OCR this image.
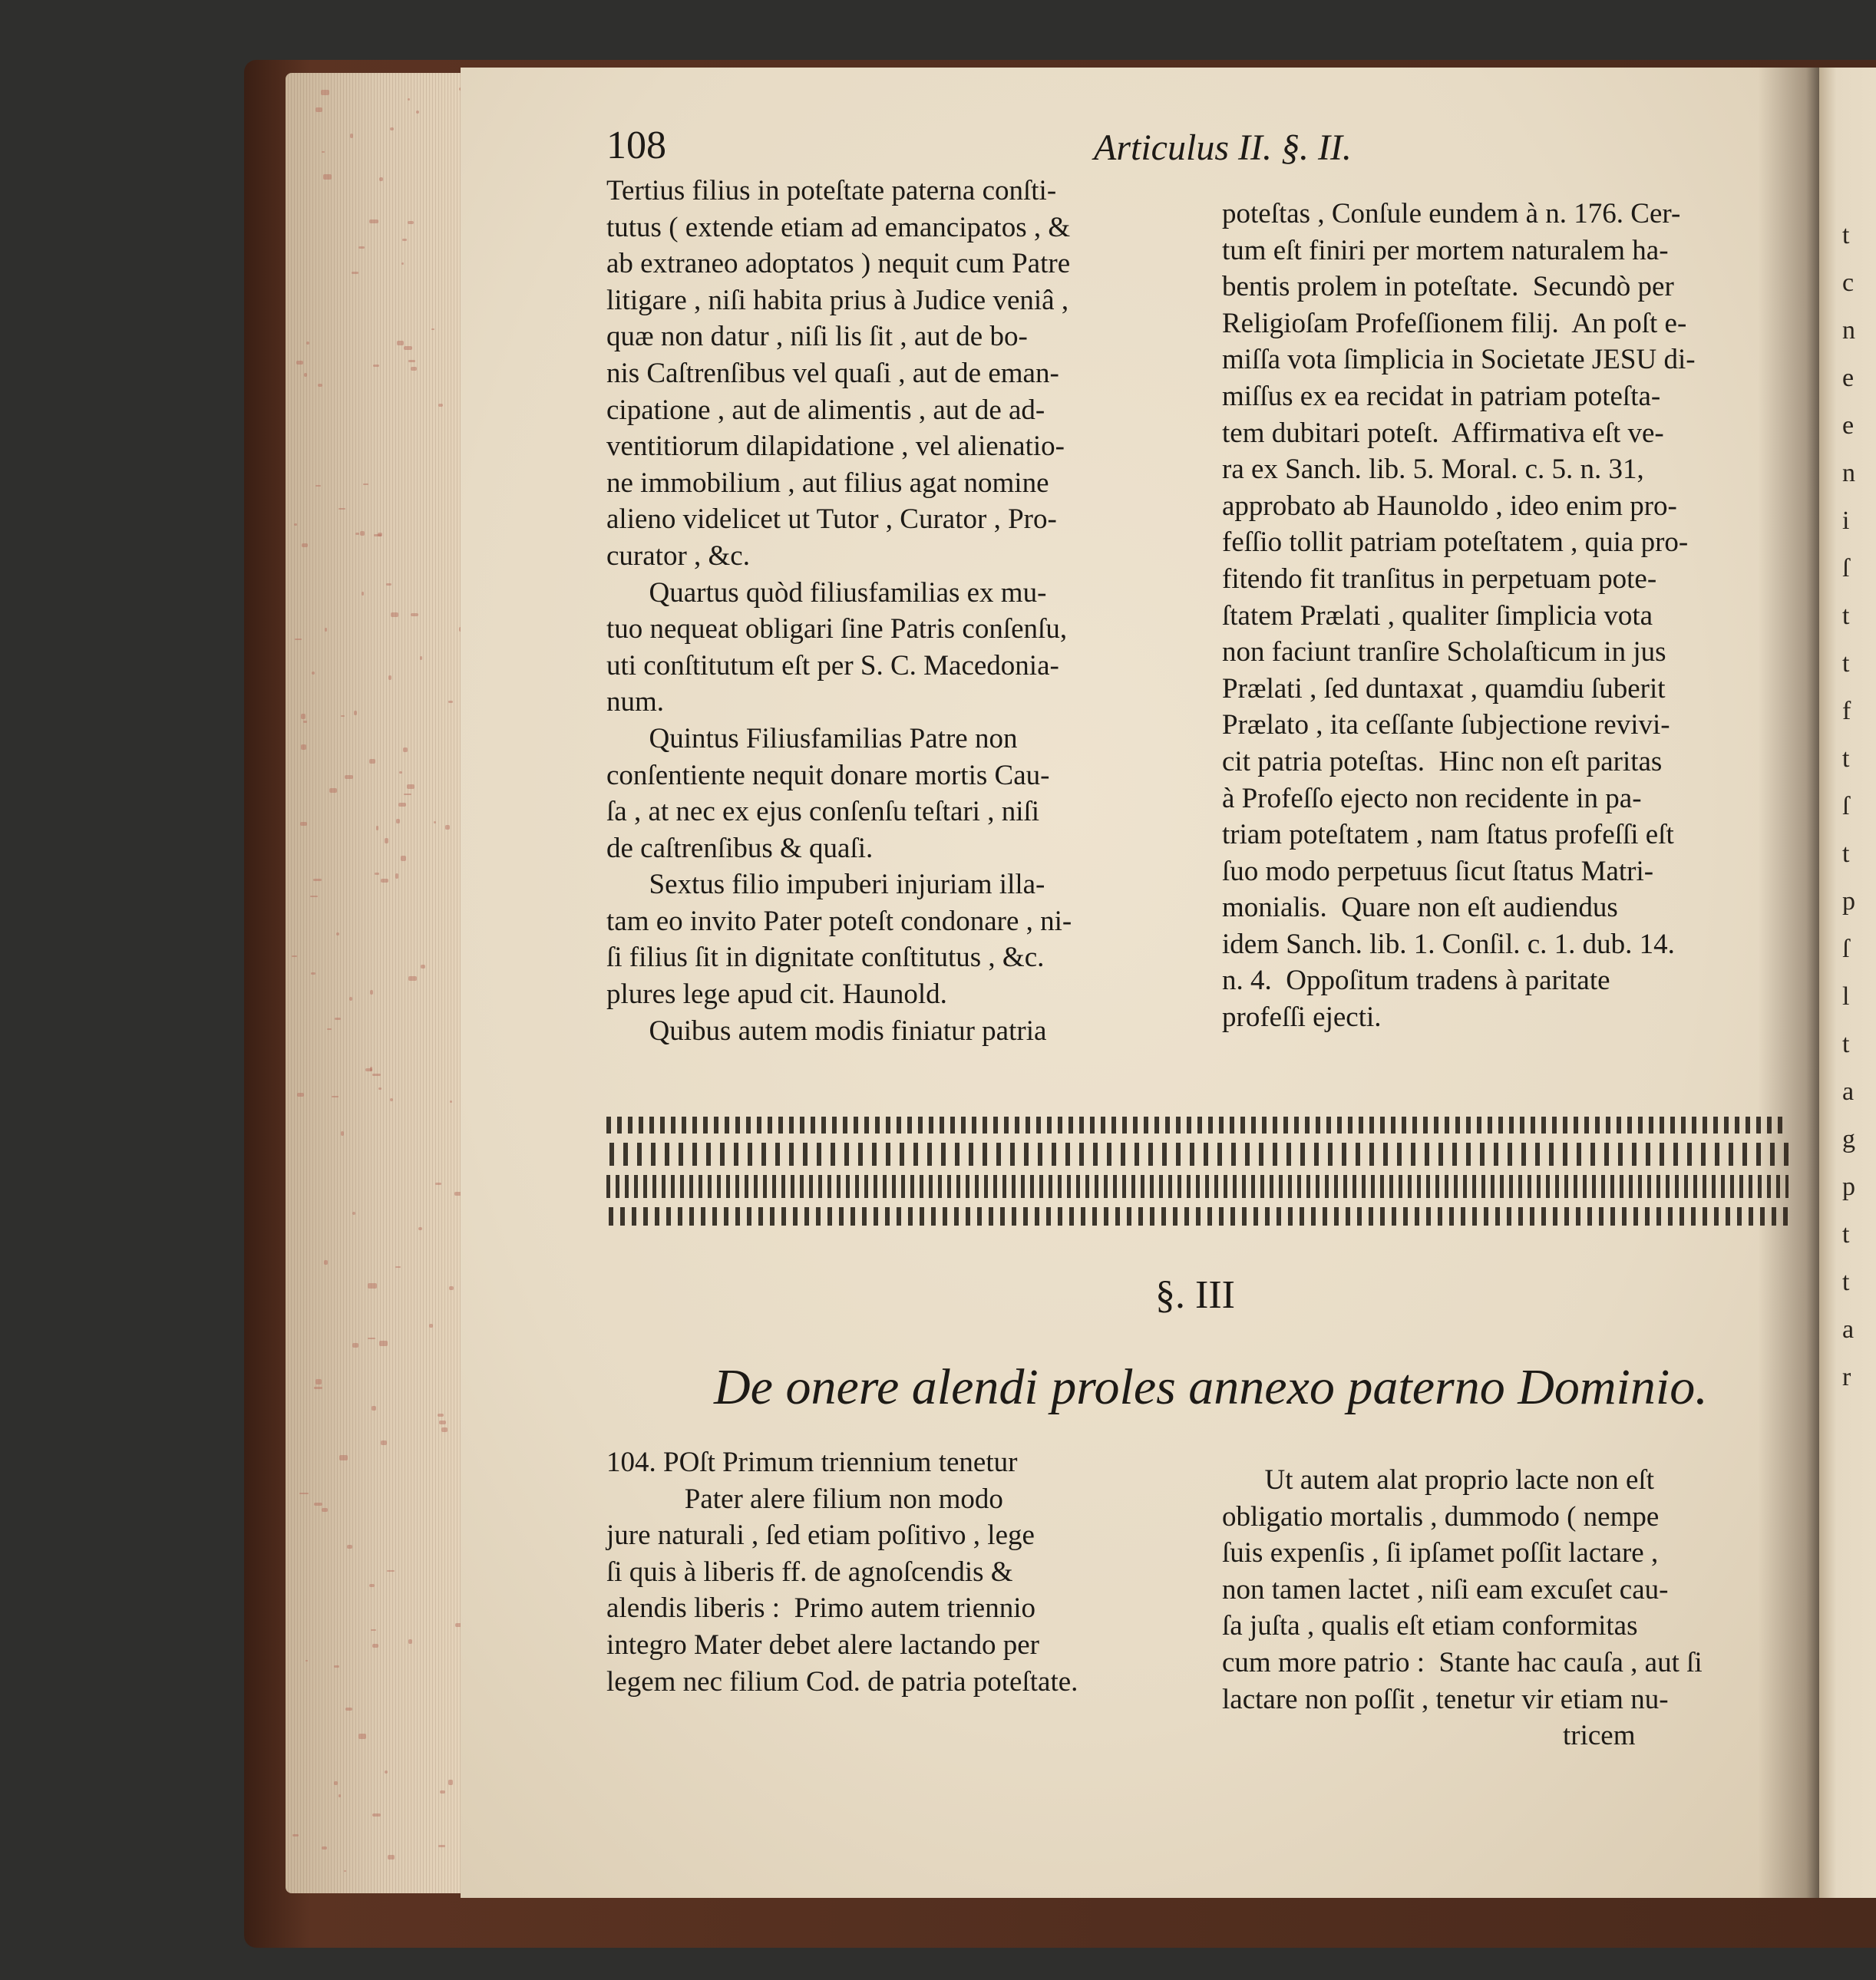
108	Articulus II. §. II.
Tertius filius in poteſtate paterna conſti-
tutus ( extende etiam ad emancipatos , &
ab extraneo adoptatos ) nequit cum Patre
litigare , niſi habita prius à Judice veniâ ,
quæ non datur , niſi lis ſit , aut de bo-
nis Caſtrenſibus vel quaſi , aut de eman-
cipatione , aut de alimentis , aut de ad-
ventitiorum dilapidatione , vel alienatio-
ne immobilium , aut filius agat nomine
alieno videlicet ut Tutor , Curator , Pro-
curator , &c.
Quartus quòd filiusfamilias ex mu-
tuo nequeat obligari ſine Patris conſenſu,
uti conſtitutum eſt per S. C. Macedonia-
num.
Quintus Filiusfamilias Patre non
conſentiente nequit donare mortis Cau-
ſa , at nec ex ejus conſenſu teſtari , niſi
de caſtrenſibus & quaſi.
Sextus filio impuberi injuriam illa-
tam eo invito Pater poteſt condonare , ni-
ſi filius ſit in dignitate conſtitutus , &c.
plures lege apud cit. Haunold.
Quibus autem modis finiatur patria
poteſtas , Conſule eundem à n. 176. Cer-
tum eſt finiri per mortem naturalem ha-
bentis prolem in poteſtate.  Secundò per
Religioſam Profeſſionem filij.  An poſt e-
miſſa vota ſimplicia in Societate JESU di-
miſſus ex ea recidat in patriam poteſta-
tem dubitari poteſt.  Affirmativa eſt ve-
ra ex Sanch. lib. 5. Moral. c. 5. n. 31,
approbato ab Haunoldo , ideo enim pro-
feſſio tollit patriam poteſtatem , quia pro-
fitendo fit tranſitus in perpetuam pote-
ſtatem Prælati , qualiter ſimplicia vota
non faciunt tranſire Scholaſticum in jus
Prælati , ſed duntaxat , quamdiu ſuberit
Prælato , ita ceſſante ſubjectione revivi-
cit patria poteſtas.  Hinc non eſt paritas
à Profeſſo ejecto non recidente in pa-
triam poteſtatem , nam ſtatus profeſſi eſt
ſuo modo perpetuus ſicut ſtatus Matri-
monialis.  Quare non eſt audiendus
idem Sanch. lib. 1. Conſil. c. 1. dub. 14.
n. 4.  Oppoſitum tradens à paritate
profeſſi ejecti.
§. III
De onere alendi proles annexo paterno Dominio.
104. POſt Primum triennium tenetur
Pater alere filium non modo
jure naturali , ſed etiam poſitivo , lege
ſi quis à liberis ff. de agnoſcendis &
alendis liberis :  Primo autem triennio
integro Mater debet alere lactando per
legem nec filium Cod. de patria poteſtate.
Ut autem alat proprio lacte non eſt
obligatio mortalis , dummodo ( nempe
ſuis expenſis , ſi ipſamet poſſit lactare ,
non tamen lactet , niſi eam excuſet cau-
ſa juſta , qualis eſt etiam conformitas
cum more patrio :  Stante hac cauſa , aut ſi
lactare non poſſit , tenetur vir etiam nu-
tricem
t
c
n
e
e
n
i
ſ
t
t
f
t
ſ
t
p
ſ
l
t
a
g
p
t
t
a
r
